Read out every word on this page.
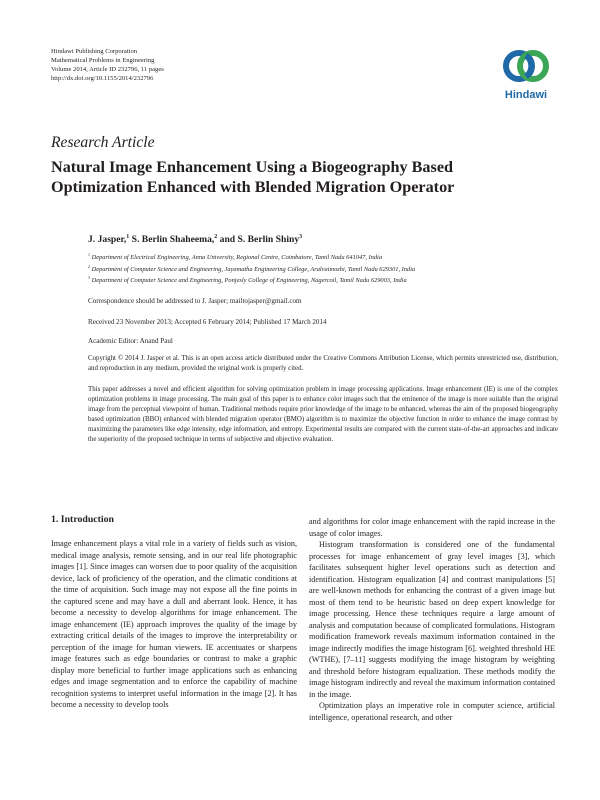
Hindawi Publishing Corporation
Mathematical Problems in Engineering
Volume 2014, Article ID 232796, 11 pages
http://dx.doi.org/10.1155/2014/232796
Hindawi
Research Article
Natural Image Enhancement Using a Biogeography Based
Optimization Enhanced with Blended Migration Operator
J. Jasper,$^1$ S. Berlin Shaheema,$^2$ and S. Berlin Shiny$^3$
$^1$ Department of Electrical Engineering, Anna University, Regional Centre, Coimbatore, Tamil Nadu 641047, India
$^2$ Department of Computer Science and Engineering, Jayamatha Engineering College, Aralvaimozhi, Tamil Nadu 629301, India
$^3$ Department of Computer Science and Engineering, Ponjesly College of Engineering, Nagercoil, Tamil Nadu 629003, India
Correspondence should be addressed to J. Jasper; mailtojasper@gmail.com
Received 23 November 2013; Accepted 6 February 2014; Published 17 March 2014
Academic Editor: Anand Paul
Copyright © 2014 J. Jasper et al. This is an open access article distributed under the Creative Commons Attribution License, which permits unrestricted use, distribution, and reproduction in any medium, provided the original work is properly cited.
This paper addresses a novel and efficient algorithm for solving optimization problem in image processing applications. Image enhancement (IE) is one of the complex optimization problems in image processing. The main goal of this paper is to enhance color images such that the eminence of the image is more suitable than the original image from the perceptual viewpoint of human. Traditional methods require prior knowledge of the image to be enhanced, whereas the aim of the proposed biogeography based optimization (BBO) enhanced with blended migration operator (BMO) algorithm is to maximize the objective function in order to enhance the image contrast by maximizing the parameters like edge intensity, edge information, and entropy. Experimental results are compared with the current state-of-the-art approaches and indicate the superiority of the proposed technique in terms of subjective and objective evaluation.
1. Introduction

Image enhancement plays a vital role in a variety of fields such as vision, medical image analysis, remote sensing, and in our real life photographic images [1]. Since images can worsen due to poor quality of the acquisition device, lack of proficiency of the operation, and the climatic conditions at the time of acquisition. Such image may not expose all the fine points in the captured scene and may have a dull and aberrant look. Hence, it has become a necessity to develop algorithms for image enhancement. The image enhancement (IE) approach improves the quality of the image by extracting critical details of the images to improve the interpretability or perception of the image for human viewers. IE accentuates or sharpens image features such as edge boundaries or contrast to make a graphic display more beneficial to further image applications such as enhancing edges and image segmentation and to enforce the capability of machine recognition systems to interpret useful information in the image [2]. It has become a necessity to develop tools

and algorithms for color image enhancement with the rapid increase in the usage of color images.

Histogram transformation is considered one of the fundamental processes for image enhancement of gray level images [3], which facilitates subsequent higher level operations such as detection and identification. Histogram equalization [4] and contrast manipulations [5] are well-known methods for enhancing the contrast of a given image but most of them tend to be heuristic based on deep expert knowledge for image processing. Hence these techniques require a large amount of analysis and computation because of complicated formulations. Histogram modification framework reveals maximum information contained in the image indirectly modifies the image histogram [6]. weighted threshold HE (WTHE), [7–11] suggests modifying the image histogram by weighting and threshold before histogram equalization. These methods modify the image histogram indirectly and reveal the maximum information contained in the image.

Optimization plays an imperative role in computer science, artificial intelligence, operational research, and other
